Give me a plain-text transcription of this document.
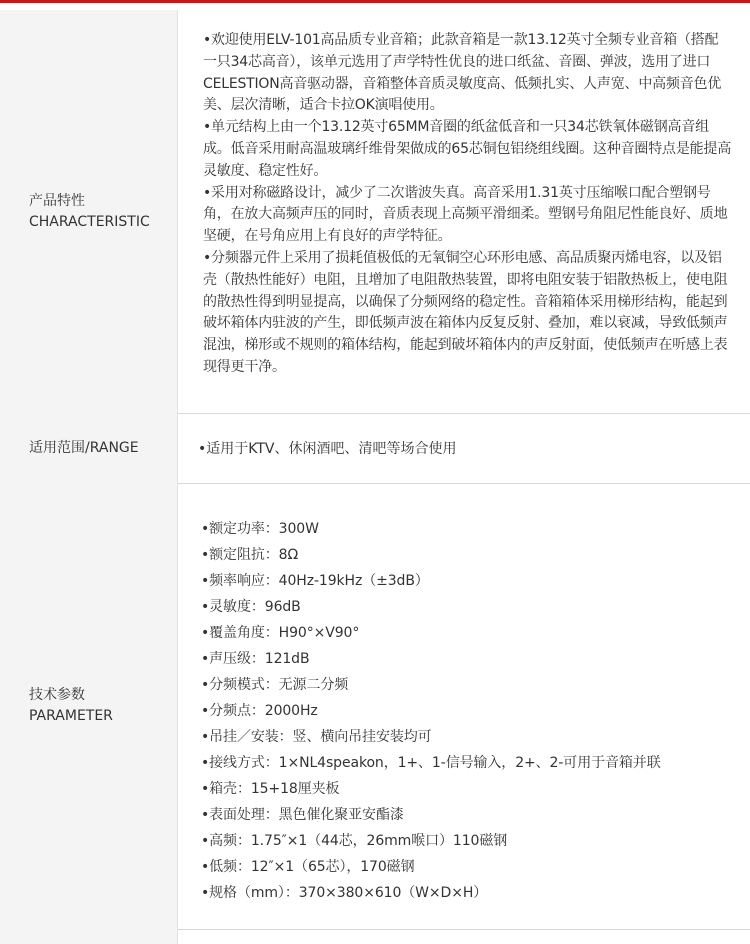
产品特性
CHARACTERISTIC
•欢迎使用ELV-101高品质专业音箱；此款音箱是一款13.12英寸全频专业音箱（搭配一只34芯高音），该单元选用了声学特性优良的进口纸盆、音圈、弹波，选用了进口CELESTION高音驱动器，音箱整体音质灵敏度高、低频扎实、人声宽、中高频音色优美、层次清晰，适合卡拉OK演唱使用。
•单元结构上由一个13.12英寸65MM音圈的纸盆低音和一只34芯铁氧体磁钢高音组成。低音采用耐高温玻璃纤维骨架做成的65芯铜包铝绕组线圈。这种音圈特点是能提高灵敏度、稳定性好。
•采用对称磁路设计，减少了二次谐波失真。高音采用1.31英寸压缩喉口配合塑钢号角，在放大高频声压的同时，音质表现上高频平滑细柔。塑钢号角阻尼性能良好、质地坚硬，在号角应用上有良好的声学特征。
•分频器元件上采用了损耗值极低的无氧铜空心环形电感、高品质聚丙烯电容，以及铝壳（散热性能好）电阻，且增加了电阻散热装置，即将电阻安装于铝散热板上，使电阻的散热性得到明显提高，以确保了分频网络的稳定性。音箱箱体采用梯形结构，能起到破坏箱体内驻波的产生，即低频声波在箱体内反复反射、叠加，难以衰减，导致低频声混浊，梯形或不规则的箱体结构，能起到破坏箱体内的声反射面，使低频声在听感上表现得更干净。
适用范围/RANGE	•适用于KTV、休闲酒吧、清吧等场合使用
技术参数
PARAMETER
•额定功率：300W
•额定阻抗：8Ω
•频率响应：40Hz-19kHz（±3dB）
•灵敏度：96dB
•覆盖角度：H90°×V90°
•声压级：121dB
•分频模式：无源二分频
•分频点：2000Hz
•吊挂／安装：竖、横向吊挂安装均可
•接线方式：1×NL4speakon，1+、1-信号输入，2+、2-可用于音箱并联
•箱壳：15+18厘夹板
•表面处理：黑色催化聚亚安酯漆
•高频：1.75″×1（44芯，26mm喉口）110磁钢
•低频：12″×1（65芯），170磁钢
•规格（mm）：370×380×610（W×D×H）
